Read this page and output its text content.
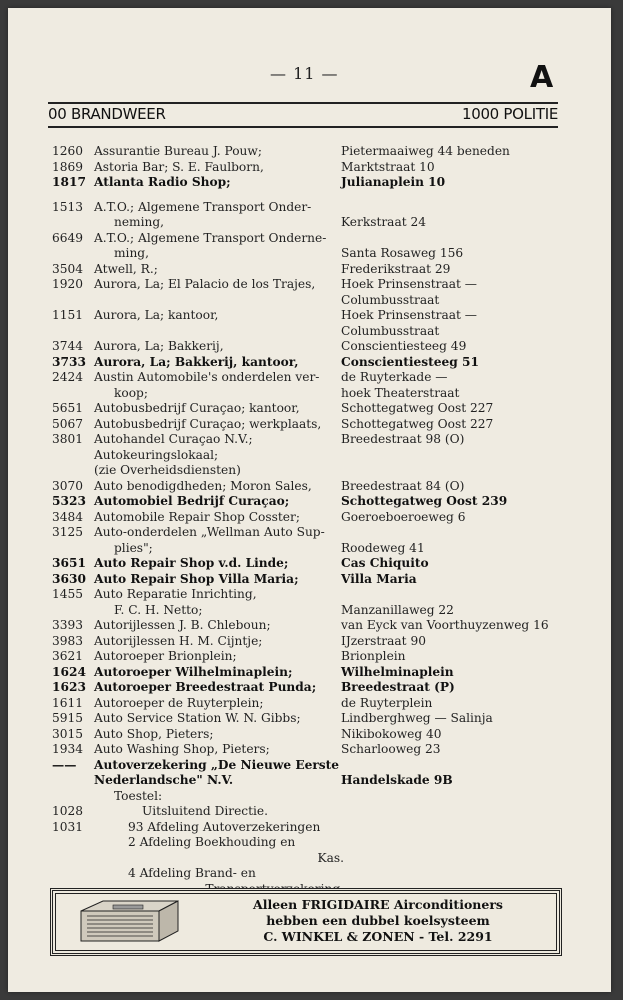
— 11 —	A
00 BRANDWEER	1000 POLITIE
1260 Assurantie Bureau J. Pouw;	Pietermaaiweg 44 beneden
1869 Astoria Bar; S. E. Faulborn,	Marktstraat 10
1817 Atlanta Radio Shop;	Julianaplein 10
1513 A.T.O.; Algemene Transport Onder-
neming,	Kerkstraat 24
6649 A.T.O.; Algemene Transport Onderne-
ming,	Santa Rosaweg 156
3504 Atwell, R.;	Frederikstraat 29
1920 Aurora, La; El Palacio de los Trajes,	Hoek Prinsenstraat —

Columbusstraat
1151 Aurora, La; kantoor,	Hoek Prinsenstraat —

Columbusstraat
3744 Aurora, La; Bakkerij,	Conscientiesteeg 49
3733 Aurora, La; Bakkerij, kantoor,	Conscientiesteeg 51
2424 Austin Automobile's onderdelen ver-	de Ruyterkade —
koop;	hoek Theaterstraat
5651 Autobusbedrijf Curaçao; kantoor,	Schottegatweg Oost 227
5067 Autobusbedrijf Curaçao; werkplaats,	Schottegatweg Oost 227
3801 Autohandel Curaçao N.V.;	Breedestraat 98 (O)
Autokeuringslokaal;
(zie Overheidsdiensten)
3070 Auto benodigdheden; Moron Sales,	Breedestraat 84 (O)
5323 Automobiel Bedrijf Curaçao;	Schottegatweg Oost 239
3484 Automobile Repair Shop Cosster;	Goeroeboeroeweg 6
3125 Auto-onderdelen „Wellman Auto Sup-
plies";	Roodeweg 41
3651 Auto Repair Shop v.d. Linde;	Cas Chiquito
3630 Auto Repair Shop Villa Maria;	Villa Maria
1455 Auto Reparatie Inrichting,
F. C. H. Netto;	Manzanillaweg 22
3393 Autorijlessen J. B. Chleboun;	van Eyck van Voorthuyzenweg 16
3983 Autorijlessen H. M. Cijntje;	IJzerstraat 90
3621 Autoroeper Brionplein;	Brionplein
1624 Autoroeper Wilhelminaplein;	Wilhelminaplein
1623 Autoroeper Breedestraat Punda;	Breedestraat (P)
1611 Autoroeper de Ruyterplein;	de Ruyterplein
5915 Auto Service Station W. N. Gibbs;	Lindberghweg — Salinja
3015 Auto Shop, Pieters;	Nikibokoweg 40
1934 Auto Washing Shop, Pieters;	Scharlooweg 23
——	Autoverzekering „De Nieuwe Eerste
Nederlandsche" N.V.	Handelskade 9B
Toestel:
1028	Uitsluitend Directie.
1031	93 Afdeling Autoverzekeringen
2 Afdeling Boekhouding en
Kas.
4 Afdeling Brand- en
Alleen FRIGIDAIRE Airconditioners
hebben een dubbel koelsysteem
C. WINKEL & ZONEN - Tel. 2291
